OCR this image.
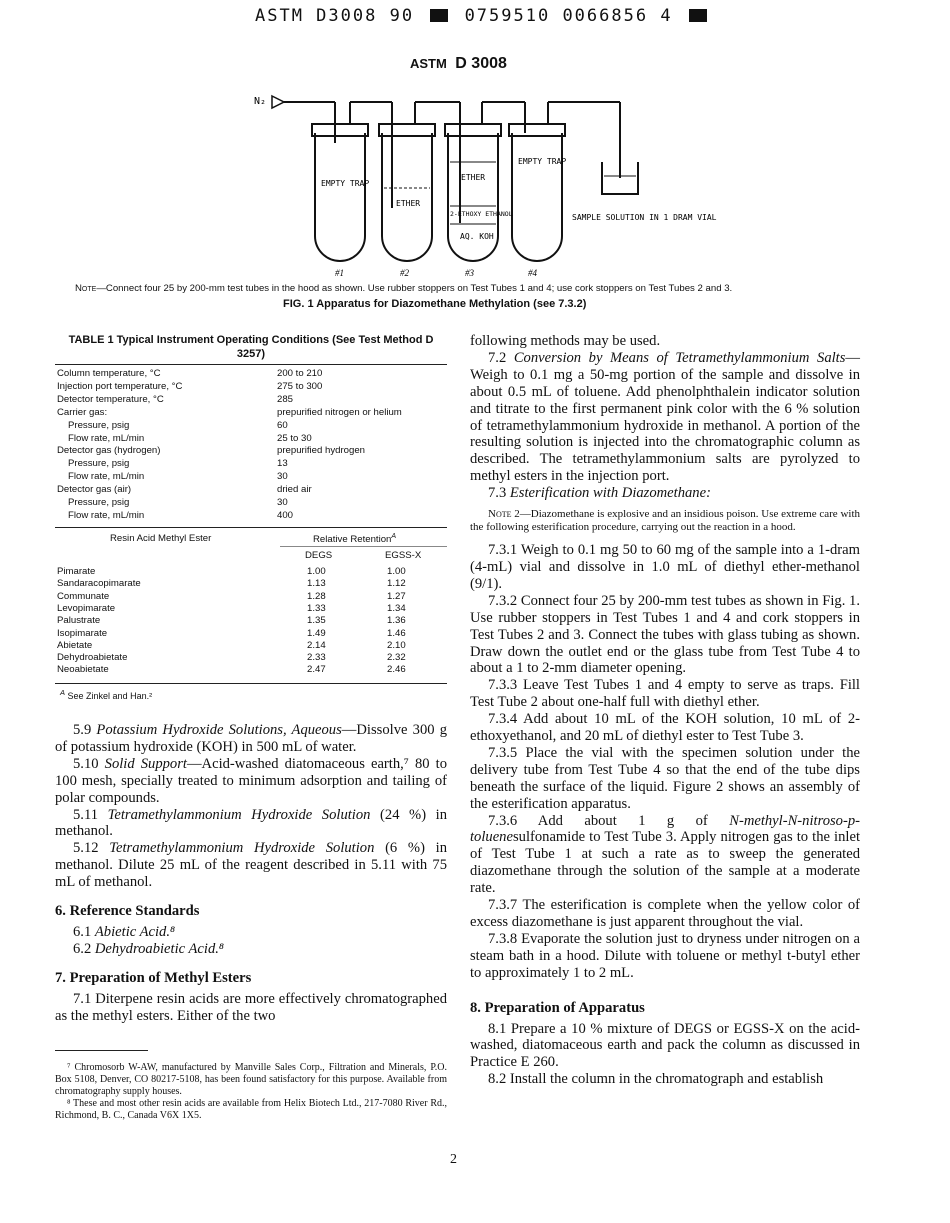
ASTM D3008 90	0759510 0066856 4
ASTM D 3008
N₂
EMPTY TRAP
ETHER
ETHER
2-ETHOXY ETHANOL
AQ. KOH
EMPTY TRAP
SAMPLE SOLUTION IN 1 DRAM VIAL
#1	#2	#3	#4
Note—Connect four 25 by 200-mm test tubes in the hood as shown. Use rubber stoppers on Test Tubes 1 and 4; use cork stoppers on Test Tubes 2 and 3.
FIG. 1 Apparatus for Diazomethane Methylation (see 7.3.2)
TABLE 1 Typical Instrument Operating Conditions (See Test Method D 3257)
Column temperature, °C	200 to 210
Injection port temperature, °C	275 to 300
Detector temperature, °C	285
Carrier gas:	prepurified nitrogen or helium
Pressure, psig	60
Flow rate, mL/min	25 to 30
Detector gas (hydrogen)	prepurified hydrogen
Pressure, psig	13
Flow rate, mL/min	30
Detector gas (air)	dried air
Pressure, psig	30
Flow rate, mL/min	400
Resin Acid Methyl Ester	Relative Retention$^A$
DEGS	EGSS-X
Pimarate	1.00	1.00
Sandaracopimarate	1.13	1.12
Communate	1.28	1.27
Levopimarate	1.33	1.34
Palustrate	1.35	1.36
Isopimarate	1.49	1.46
Abietate	2.14	2.10
Dehydroabietate	2.33	2.32
Neoabietate	2.47	2.46
$^A$ See Zinkel and Han.²

5.9 Potassium Hydroxide Solutions, Aqueous—Dissolve 300 g of potassium hydroxide (KOH) in 500 mL of water.

5.10 Solid Support—Acid-washed diatomaceous earth,⁷ 80 to 100 mesh, specially treated to minimum adsorption and tailing of polar compounds.

5.11 Tetramethylammonium Hydroxide Solution (24 %) in methanol.

5.12 Tetramethylammonium Hydroxide Solution (6 %) in methanol. Dilute 25 mL of the reagent described in 5.11 with 75 mL of methanol.

6. Reference Standards

6.1 Abietic Acid.⁸

6.2 Dehydroabietic Acid.⁸

7. Preparation of Methyl Esters

7.1 Diterpene resin acids are more effectively chromatographed as the methyl esters. Either of the two

⁷ Chromosorb W-AW, manufactured by Manville Sales Corp., Filtration and Minerals, P.O. Box 5108, Denver, CO 80217-5108, has been found satisfactory for this purpose. Available from chromatography supply houses.

⁸ These and most other resin acids are available from Helix Biotech Ltd., 217-7080 River Rd., Richmond, B. C., Canada V6X 1X5.

following methods may be used.

7.2 Conversion by Means of Tetramethylammonium Salts—Weigh to 0.1 mg a 50-mg portion of the sample and dissolve in about 0.5 mL of toluene. Add phenolphthalein indicator solution and titrate to the first permanent pink color with the 6 % solution of tetramethylammonium hydroxide in methanol. A portion of the resulting solution is injected into the chromatographic column as described. The tetramethylammonium salts are pyrolyzed to methyl esters in the injection port.

7.3 Esterification with Diazomethane:

Note 2—Diazomethane is explosive and an insidious poison. Use extreme care with the following esterification procedure, carrying out the reaction in a hood.

7.3.1 Weigh to 0.1 mg 50 to 60 mg of the sample into a 1-dram (4-mL) vial and dissolve in 1.0 mL of diethyl ether-methanol (9/1).

7.3.2 Connect four 25 by 200-mm test tubes as shown in Fig. 1. Use rubber stoppers in Test Tubes 1 and 4 and cork stoppers in Test Tubes 2 and 3. Connect the tubes with glass tubing as shown. Draw down the outlet end or the glass tube from Test Tube 4 to about a 1 to 2-mm diameter opening.

7.3.3 Leave Test Tubes 1 and 4 empty to serve as traps. Fill Test Tube 2 about one-half full with diethyl ether.

7.3.4 Add about 10 mL of the KOH solution, 10 mL of 2-ethoxyethanol, and 20 mL of diethyl ester to Test Tube 3.

7.3.5 Place the vial with the specimen solution under the delivery tube from Test Tube 4 so that the end of the tube dips beneath the surface of the liquid. Figure 2 shows an assembly of the esterification apparatus.

7.3.6 Add about 1 g of N-methyl-N-nitroso-p-toluenesulfonamide to Test Tube 3. Apply nitrogen gas to the inlet of Test Tube 1 at such a rate as to sweep the generated diazomethane through the solution of the sample at a moderate rate.

7.3.7 The esterification is complete when the yellow color of excess diazomethane is just apparent throughout the vial.

7.3.8 Evaporate the solution just to dryness under nitrogen on a steam bath in a hood. Dilute with toluene or methyl t-butyl ether to approximately 1 to 2 mL.

8. Preparation of Apparatus

8.1 Prepare a 10 % mixture of DEGS or EGSS-X on the acid-washed, diatomaceous earth and pack the column as discussed in Practice E 260.

8.2 Install the column in the chromatograph and establish

2
